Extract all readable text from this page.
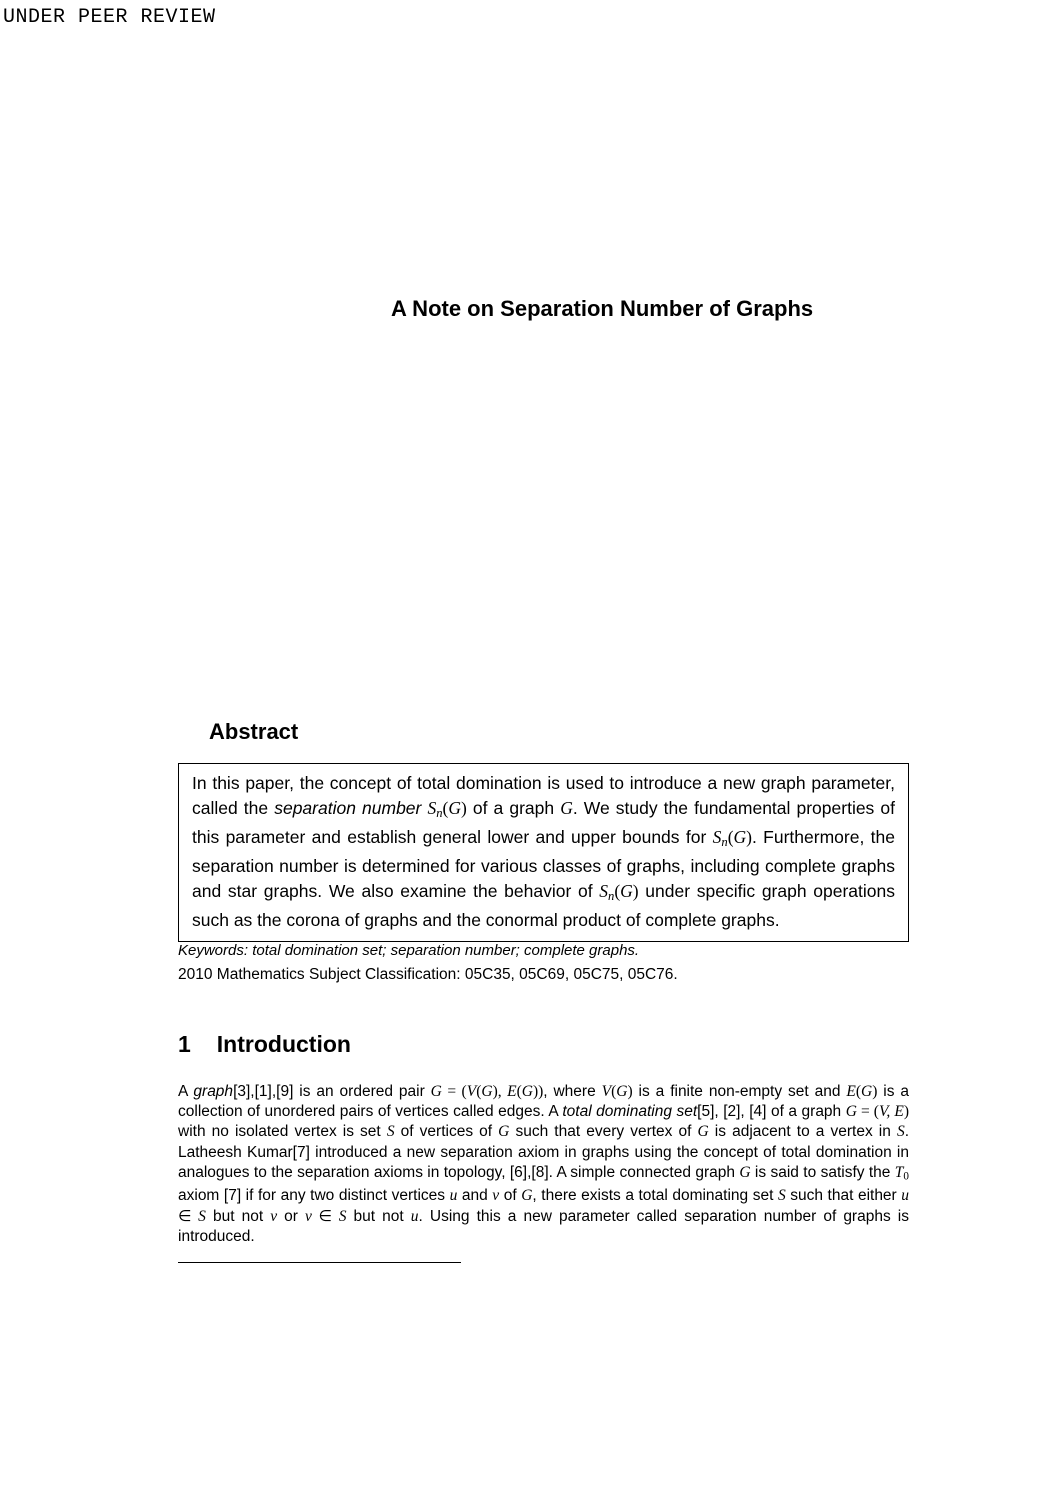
UNDER PEER REVIEW
A Note on Separation Number of Graphs
Abstract

In this paper, the concept of total domination is used to introduce a new graph parameter, called the separation number Sn(G) of a graph G. We study the fundamental properties of this parameter and establish general lower and upper bounds for Sn(G). Furthermore, the separation number is determined for various classes of graphs, including complete graphs and star graphs. We also examine the behavior of Sn(G) under specific graph operations such as the corona of graphs and the conormal product of complete graphs.

Keywords: total domination set; separation number; complete graphs.

2010 Mathematics Subject Classification: 05C35, 05C69, 05C75, 05C76.

1 Introduction

A graph[3],[1],[9] is an ordered pair G = (V(G), E(G)), where V(G) is a finite non-empty set and E(G) is a collection of unordered pairs of vertices called edges. A total dominating set[5], [2], [4] of a graph G = (V, E) with no isolated vertex is set S of vertices of G such that every vertex of G is adjacent to a vertex in S. Latheesh Kumar[7] introduced a new separation axiom in graphs using the concept of total domination in analogues to the separation axioms in topology, [6],[8]. A simple connected graph G is said to satisfy the T0 axiom [7] if for any two distinct vertices u and v of G, there exists a total dominating set S such that either u ∈ S but not v or v ∈ S but not u. Using this a new parameter called separation number of graphs is introduced.
